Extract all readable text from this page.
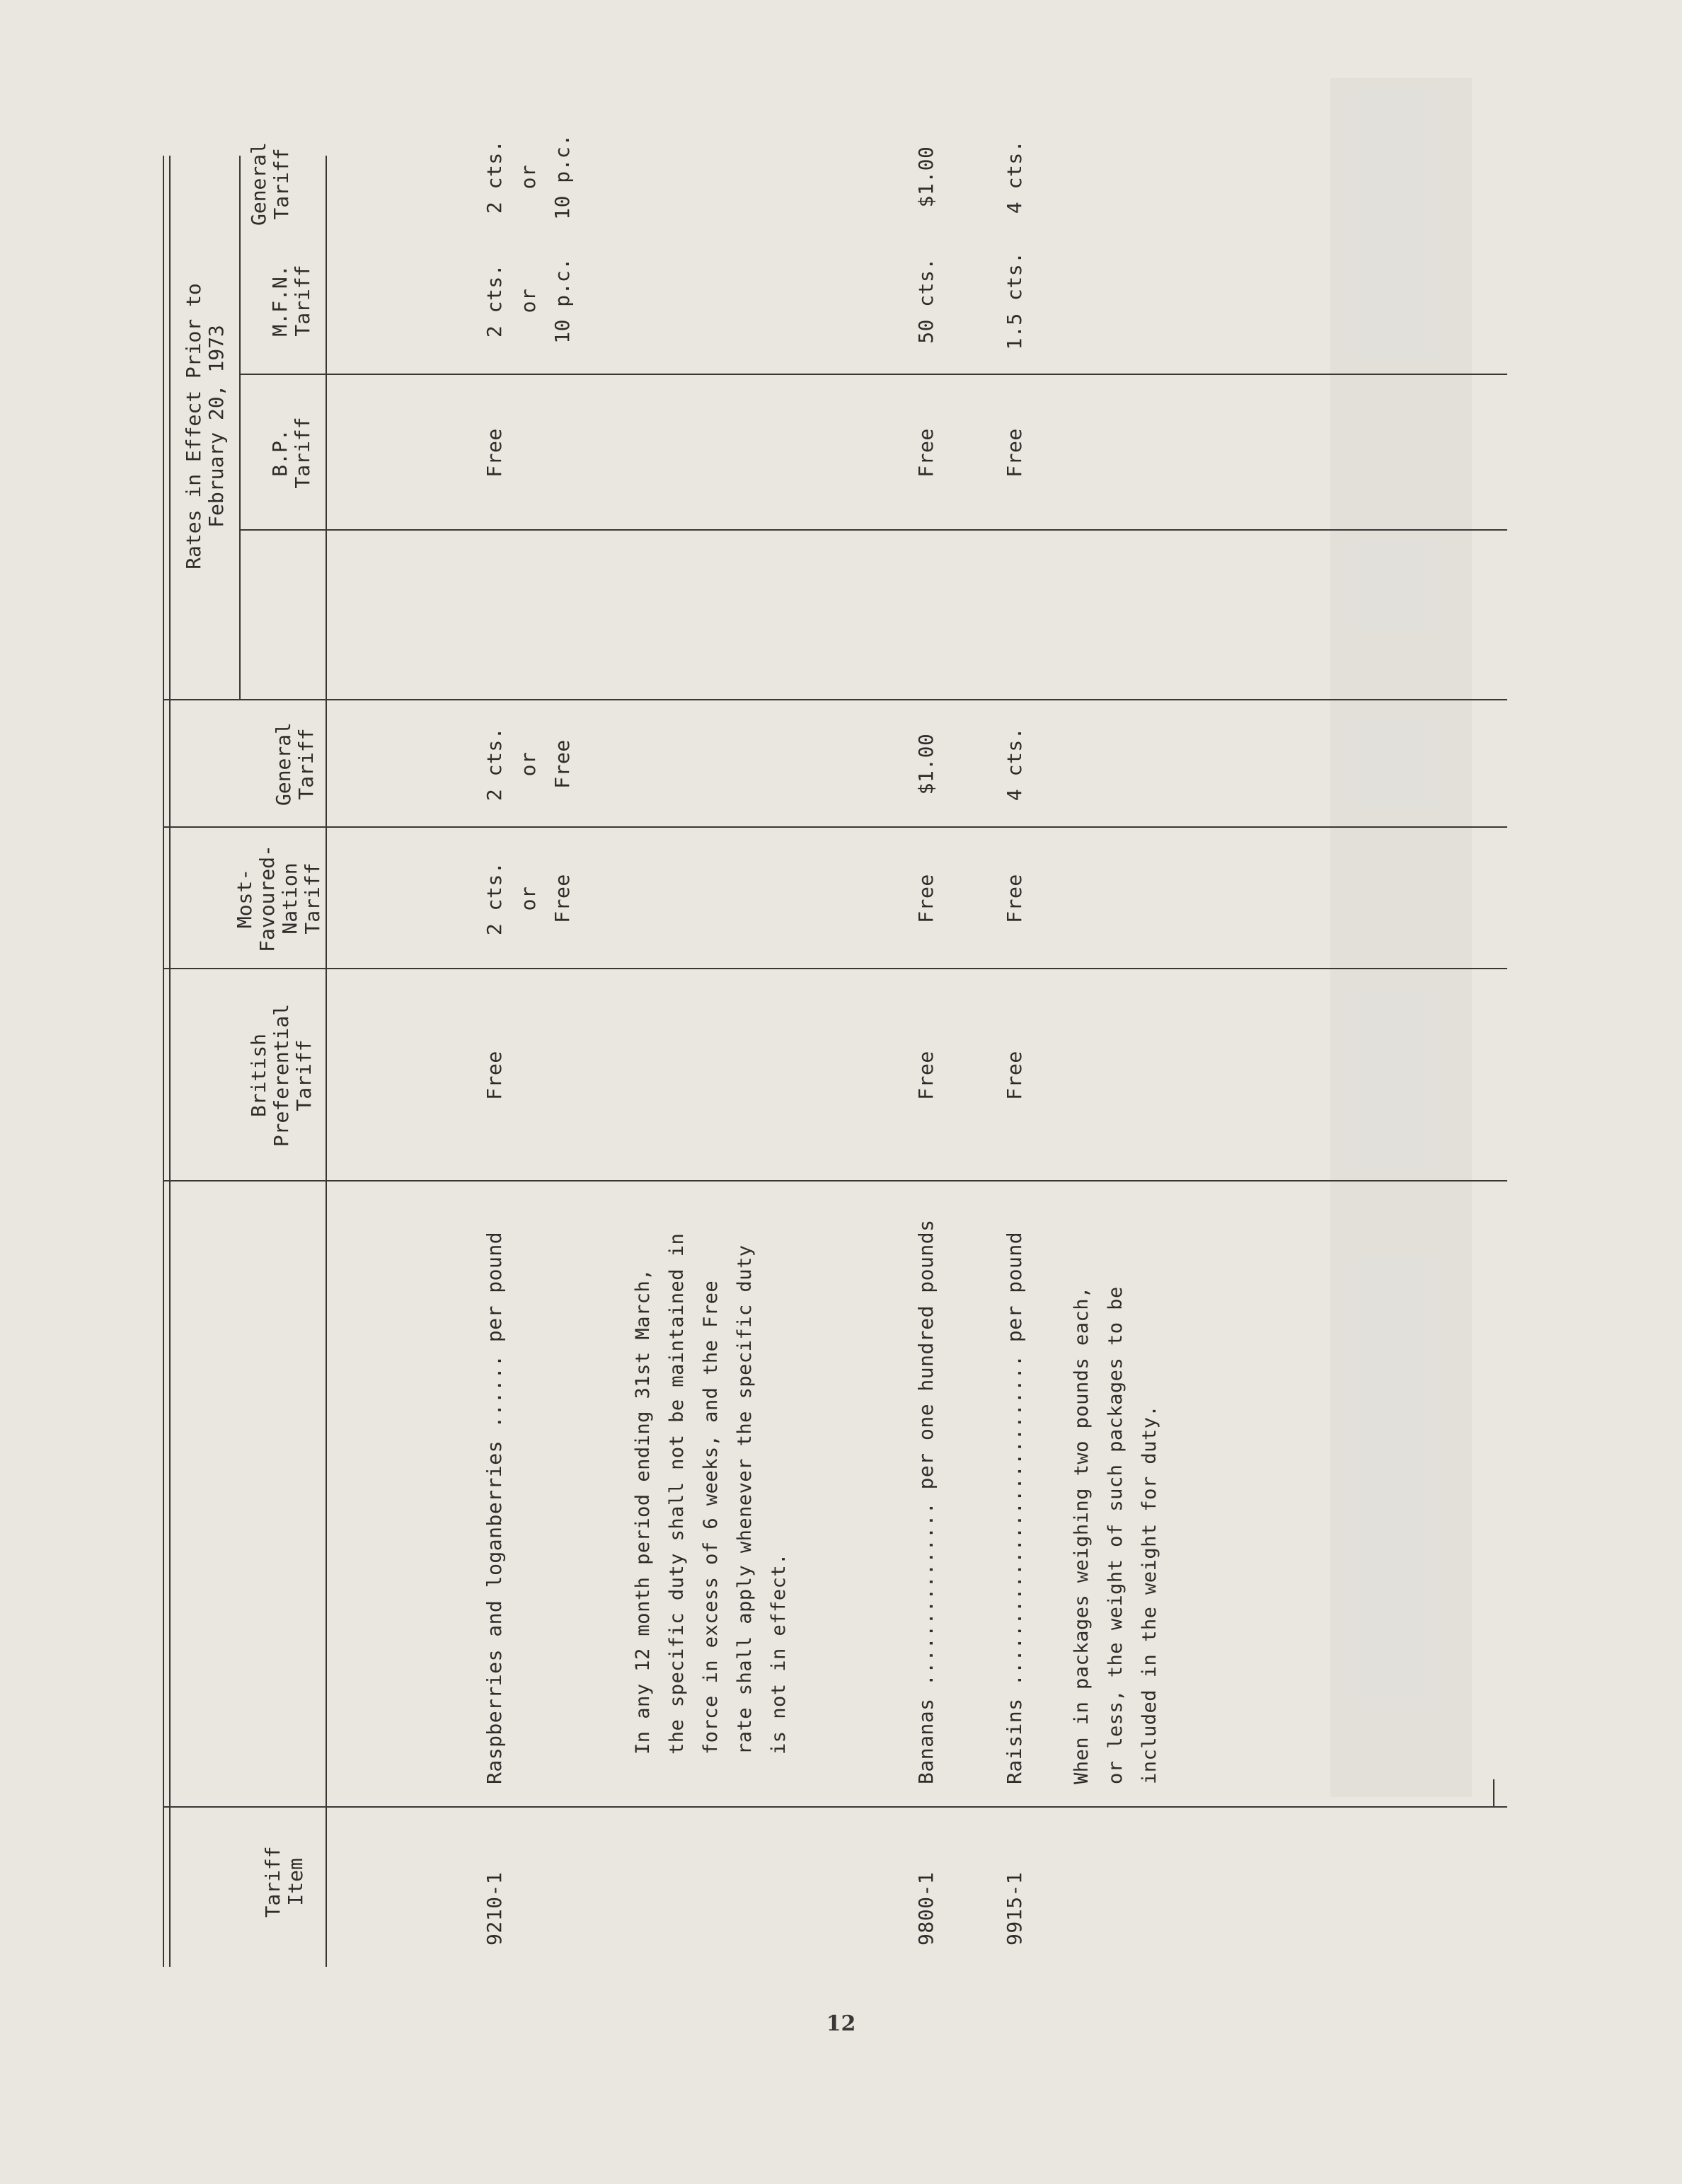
Tariff
Item
British
Preferential
Tariff
Most-
Favoured-
Nation
Tariff
General
Tariff
Rates in Effect Prior to
February 20, 1973
B.P.
Tariff
M.F.N.
Tariff
General
Tariff
9210-1
Raspberries and loganberries ...... per pound	In any 12 month period ending 31st March,
the specific duty shall not be maintained in
force in excess of 6 weeks, and the Free
rate shall apply whenever the specific duty
is not in effect.
Free
2 cts.
or
Free
2 cts.
or
Free
Free
2 cts.
or
10 p.c.
2 cts.
or
10 p.c.
9800-1
Bananas ............... per one hundred pounds
Free
Free
$1.00
Free
50 cts.
$1.00
9915-1
Raisins ........................... per pound When in packages weighing two pounds each,
or less, the weight of such packages to be
included in the weight for duty.
Free
Free
4 cts.
Free
1.5 cts.
4 cts.
12
